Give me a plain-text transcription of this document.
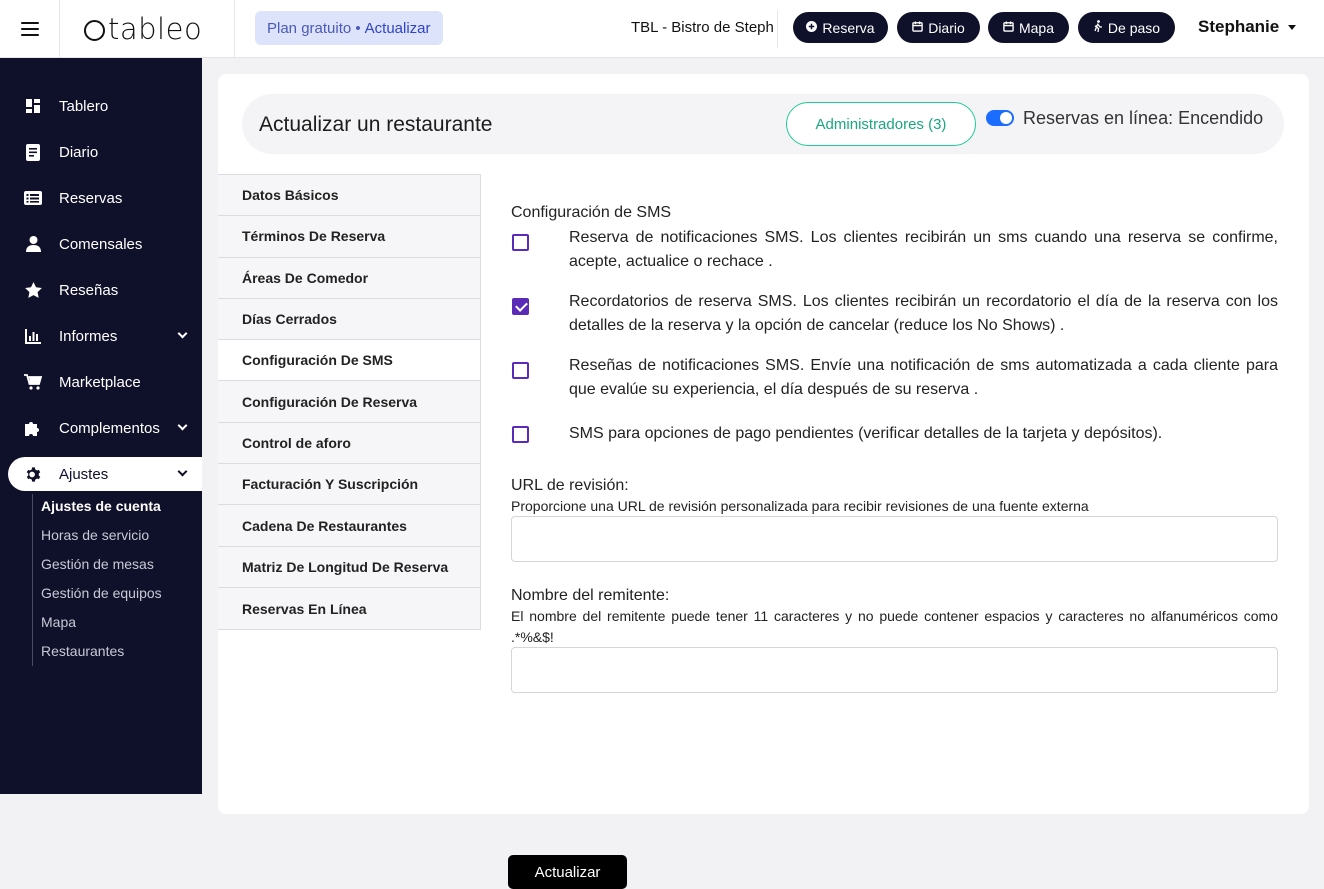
tableo	Plan gratuito • Actualizar	TBL - Bistro de Steph	Reserva	Diario	Mapa	De paso Stephanie
Tablero
Diario
Reservas
Comensales
Reseñas
Informes
Marketplace
Complementos
Ajustes
Ajustes de cuenta
Horas de servicio
Gestión de mesas
Gestión de equipos
Mapa
Restaurantes
Actualizar un restaurante	Administradores (3)	Reservas en línea: Encendido
Datos Básicos
Términos De Reserva
Áreas De Comedor
Días Cerrados
Configuración De SMS
Configuración De Reserva
Control de aforo
Facturación Y Suscripción
Cadena De Restaurantes
Matriz De Longitud De Reserva
Reservas En Línea
Configuración de SMS
Reserva de notificaciones SMS. Los clientes recibirán un sms cuando una reserva se confirme, acepte, actualice o rechace .
Recordatorios de reserva SMS. Los clientes recibirán un recordatorio el día de la reserva con los detalles de la reserva y la opción de cancelar (reduce los No Shows) .
Reseñas de notificaciones SMS. Envíe una notificación de sms automatizada a cada cliente para que evalúe su experiencia, el día después de su reserva .
SMS para opciones de pago pendientes (verificar detalles de la tarjeta y depósitos).
URL de revisión:
Proporcione una URL de revisión personalizada para recibir revisiones de una fuente externa
Nombre del remitente:
El nombre del remitente puede tener 11 caracteres y no puede contener espacios y caracteres no alfanuméricos como .*%&$!
Actualizar
